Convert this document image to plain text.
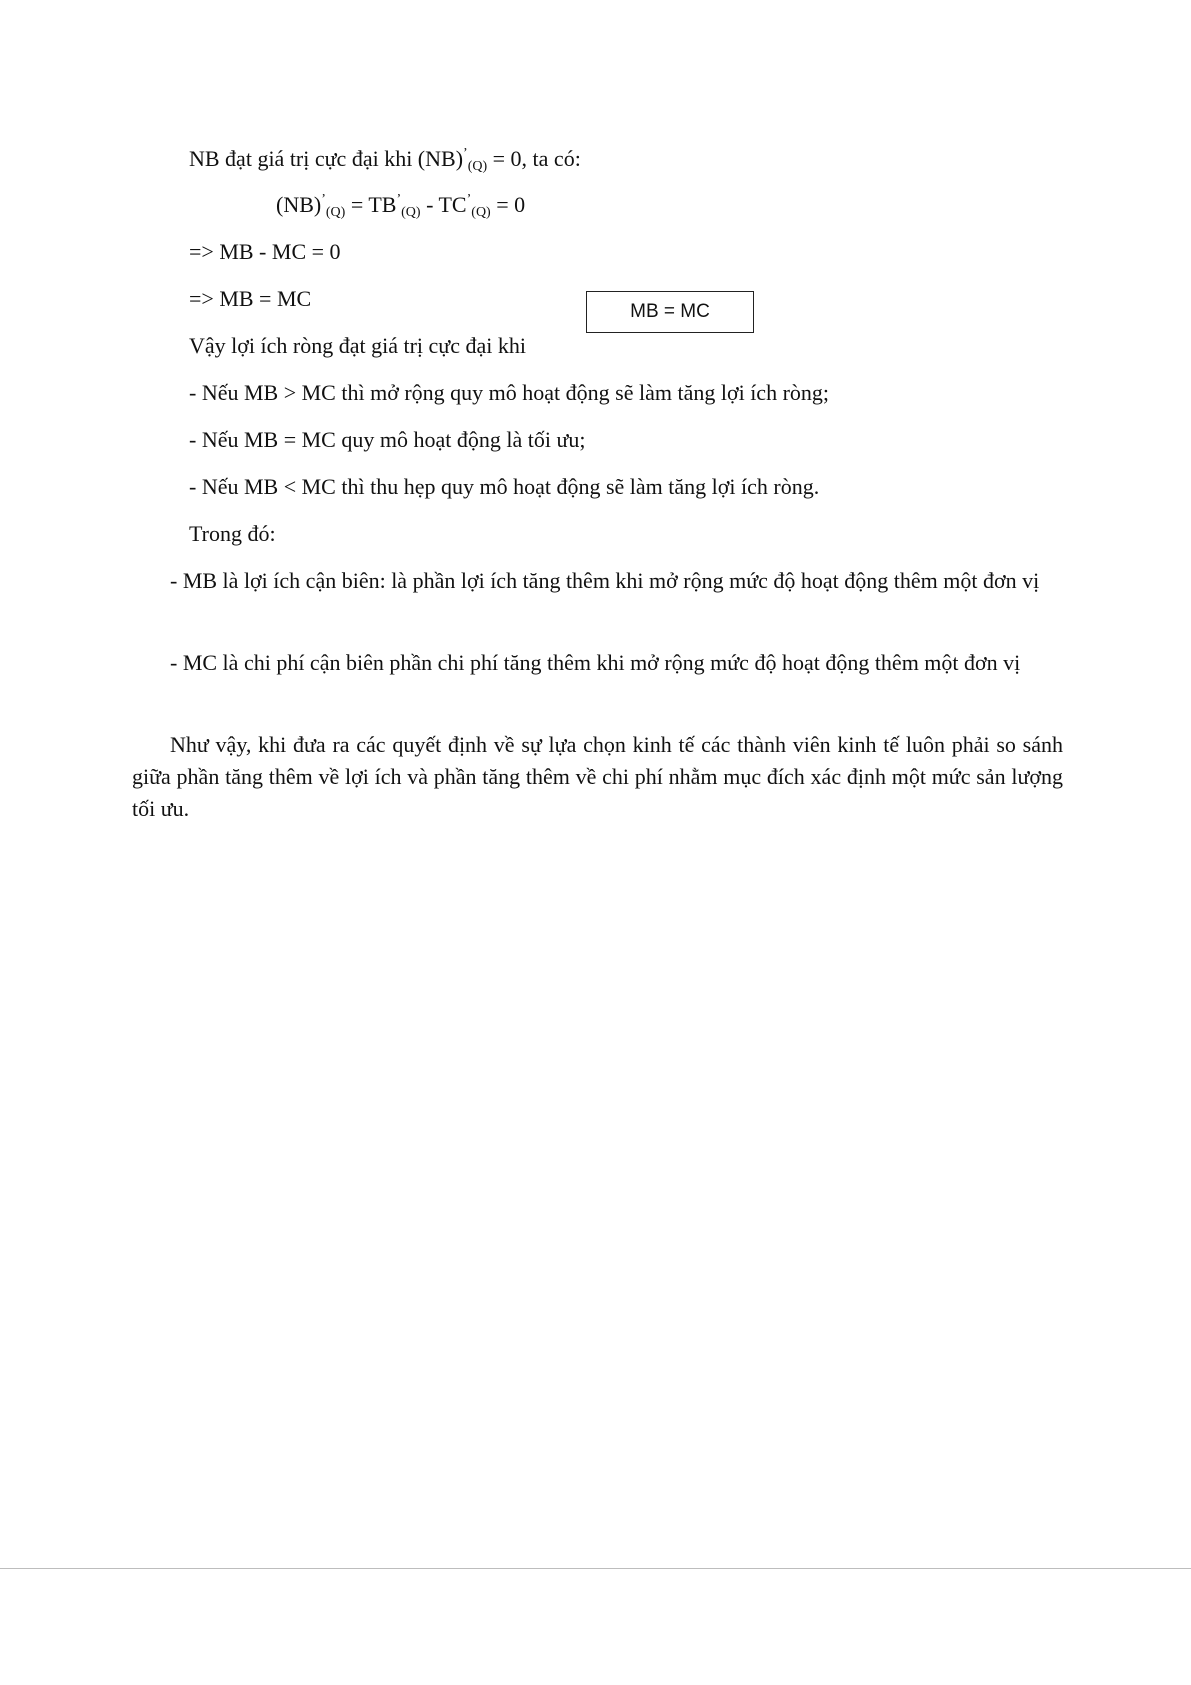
NB đạt giá trị cực đại khi $(NB)^’_{(Q)} = 0$, ta có:
$(NB)^’_{(Q)} = TB^’_{(Q)} - TC^’_{(Q)} = 0$
=> MB - MC = 0
=> MB = MC
MB = MC
Vậy lợi ích ròng đạt giá trị cực đại khi
- Nếu MB > MC thì mở rộng quy mô hoạt động sẽ làm tăng lợi ích ròng;
- Nếu MB = MC quy mô hoạt động là tối ưu;
- Nếu MB < MC thì thu hẹp quy mô hoạt động sẽ làm tăng lợi ích ròng.
Trong đó:

- MB là lợi ích cận biên: là phần lợi ích tăng thêm khi mở rộng mức độ hoạt động thêm một đơn vị

- MC là chi phí cận biên phần chi phí tăng thêm khi mở rộng mức độ hoạt động thêm một đơn vị

Như vậy, khi đưa ra các quyết định về sự lựa chọn kinh tế các thành viên kinh tế luôn phải so sánh giữa phần tăng thêm về lợi ích và phần tăng thêm về chi phí nhằm mục đích xác định một mức sản lượng tối ưu.
